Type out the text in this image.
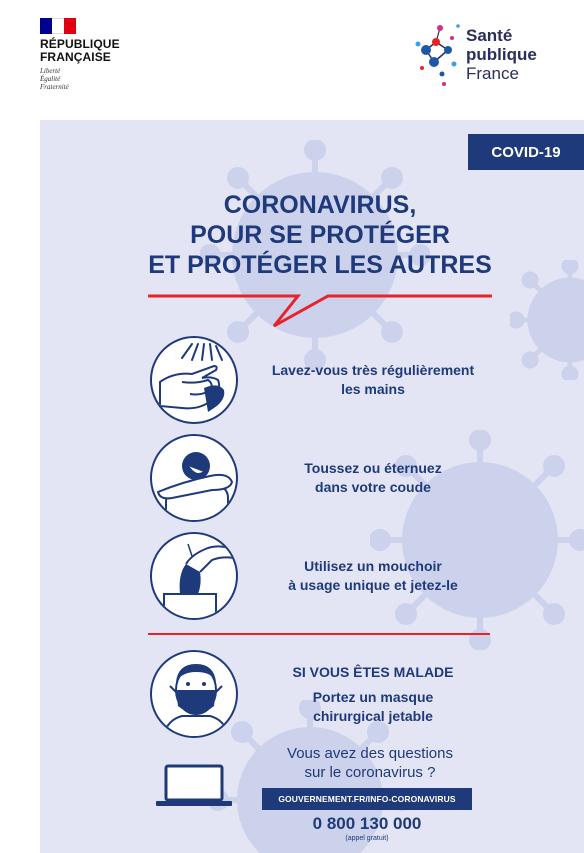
RÉPUBLIQUE
FRANÇAISE
Liberté
Égalité
Fraternité
Santé
publique
France
COVID-19
CORONAVIRUS,
POUR SE PROTÉGER
ET PROTÉGER LES AUTRES
Lavez-vous très régulièrement
les mains
Toussez ou éternuez
dans votre coude
Utilisez un mouchoir
à usage unique et jetez-le
SI VOUS ÊTES MALADE
Portez un masque
chirurgical jetable
Vous avez des questions
sur le coronavirus ?
GOUVERNEMENT.FR/INFO-CORONAVIRUS
0 800 130 000
(appel gratuit)
